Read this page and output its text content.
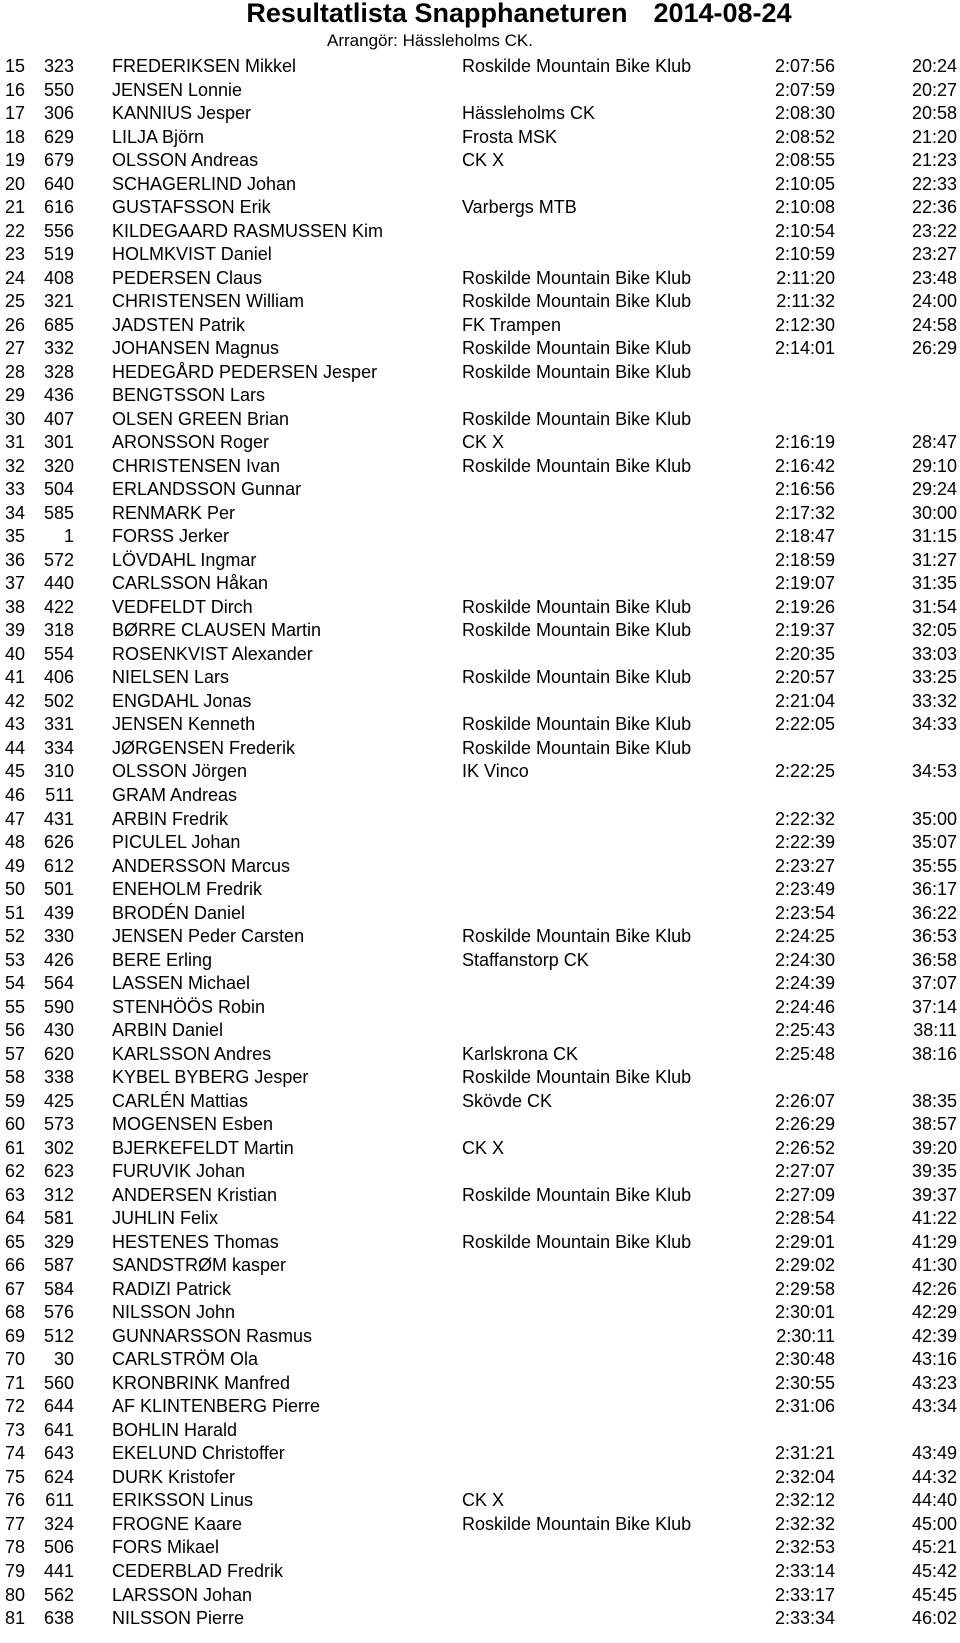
Resultatlista Snapphaneturen 2014-08-24
Arrangör: Hässleholms CK.
15	323 FREDERIKSEN Mikkel	Roskilde Mountain Bike Klub	2:07:56	20:24
16	550 JENSEN Lonnie	2:07:59	20:27
17	306 KANNIUS Jesper	Hässleholms CK	2:08:30	20:58
18	629 LILJA Björn	Frosta MSK	2:08:52	21:20
19	679 OLSSON Andreas	CK X	2:08:55	21:23
20	640 SCHAGERLIND Johan	2:10:05	22:33
21	616 GUSTAFSSON Erik	Varbergs MTB	2:10:08	22:36
22	556 KILDEGAARD RASMUSSEN Kim	2:10:54	23:22
23	519 HOLMKVIST Daniel	2:10:59	23:27
24	408 PEDERSEN Claus	Roskilde Mountain Bike Klub	2:11:20	23:48
25	321 CHRISTENSEN William	Roskilde Mountain Bike Klub	2:11:32	24:00
26	685 JADSTEN Patrik	FK Trampen	2:12:30	24:58
27	332 JOHANSEN Magnus	Roskilde Mountain Bike Klub	2:14:01	26:29
28	328 HEDEGÅRD PEDERSEN Jesper	Roskilde Mountain Bike Klub
29	436 BENGTSSON Lars
30	407 OLSEN GREEN Brian	Roskilde Mountain Bike Klub
31	301 ARONSSON Roger	CK X	2:16:19	28:47
32	320 CHRISTENSEN Ivan	Roskilde Mountain Bike Klub	2:16:42	29:10
33	504 ERLANDSSON Gunnar	2:16:56	29:24
34	585 RENMARK Per	2:17:32	30:00
35	1 FORSS Jerker	2:18:47	31:15
36	572 LÖVDAHL Ingmar	2:18:59	31:27
37	440 CARLSSON Håkan	2:19:07	31:35
38	422 VEDFELDT Dirch	Roskilde Mountain Bike Klub	2:19:26	31:54
39	318 BØRRE CLAUSEN Martin	Roskilde Mountain Bike Klub	2:19:37	32:05
40	554 ROSENKVIST Alexander	2:20:35	33:03
41	406 NIELSEN Lars	Roskilde Mountain Bike Klub	2:20:57	33:25
42	502 ENGDAHL Jonas	2:21:04	33:32
43	331 JENSEN Kenneth	Roskilde Mountain Bike Klub	2:22:05	34:33
44	334 JØRGENSEN Frederik	Roskilde Mountain Bike Klub
45	310 OLSSON Jörgen	IK Vinco	2:22:25	34:53
46	511 GRAM Andreas
47	431 ARBIN Fredrik	2:22:32	35:00
48	626 PICULEL Johan	2:22:39	35:07
49	612 ANDERSSON Marcus	2:23:27	35:55
50	501 ENEHOLM Fredrik	2:23:49	36:17
51	439 BRODÉN Daniel	2:23:54	36:22
52	330 JENSEN Peder Carsten	Roskilde Mountain Bike Klub	2:24:25	36:53
53	426 BERE Erling	Staffanstorp CK	2:24:30	36:58
54	564 LASSEN Michael	2:24:39	37:07
55	590 STENHÖÖS Robin	2:24:46	37:14
56	430 ARBIN Daniel	2:25:43	38:11
57	620 KARLSSON Andres	Karlskrona CK	2:25:48	38:16
58	338 KYBEL BYBERG Jesper	Roskilde Mountain Bike Klub
59	425 CARLÉN Mattias	Skövde CK	2:26:07	38:35
60	573 MOGENSEN Esben	2:26:29	38:57
61	302 BJERKEFELDT Martin	CK X	2:26:52	39:20
62	623 FURUVIK Johan	2:27:07	39:35
63	312 ANDERSEN Kristian	Roskilde Mountain Bike Klub	2:27:09	39:37
64	581 JUHLIN Felix	2:28:54	41:22
65	329 HESTENES Thomas	Roskilde Mountain Bike Klub	2:29:01	41:29
66	587 SANDSTRØM kasper	2:29:02	41:30
67	584 RADIZI Patrick	2:29:58	42:26
68	576 NILSSON John	2:30:01	42:29
69	512 GUNNARSSON Rasmus	2:30:11	42:39
70	30 CARLSTRÖM Ola	2:30:48	43:16
71	560 KRONBRINK Manfred	2:30:55	43:23
72	644 AF KLINTENBERG Pierre	2:31:06	43:34
73	641 BOHLIN Harald
74	643 EKELUND Christoffer	2:31:21	43:49
75	624 DURK Kristofer	2:32:04	44:32
76	611 ERIKSSON Linus	CK X	2:32:12	44:40
77	324 FROGNE Kaare	Roskilde Mountain Bike Klub	2:32:32	45:00
78	506 FORS Mikael	2:32:53	45:21
79	441 CEDERBLAD Fredrik	2:33:14	45:42
80	562 LARSSON Johan	2:33:17	45:45
81	638 NILSSON Pierre	2:33:34	46:02
